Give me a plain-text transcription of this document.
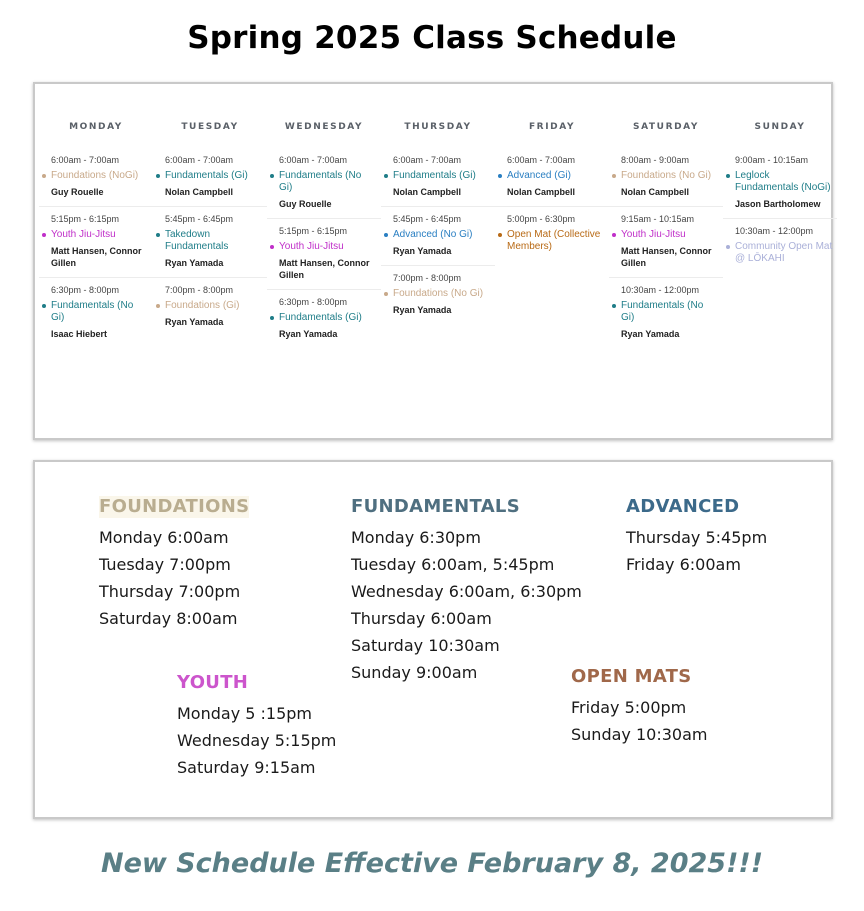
Spring 2025 Class Schedule
MONDAY
6:00am - 7:00am
Foundations (NoGi)
Guy Rouelle
5:15pm - 6:15pm
Youth Jiu-Jitsu
Matt Hansen, Connor Gillen
6:30pm - 8:00pm
Fundamentals (No Gi)
Isaac Hiebert
TUESDAY
6:00am - 7:00am
Fundamentals (Gi)
Nolan Campbell
5:45pm - 6:45pm
Takedown Fundamentals
Ryan Yamada
7:00pm - 8:00pm
Foundations (Gi)
Ryan Yamada
WEDNESDAY
6:00am - 7:00am
Fundamentals (No Gi)
Guy Rouelle
5:15pm - 6:15pm
Youth Jiu-Jitsu
Matt Hansen, Connor Gillen
6:30pm - 8:00pm
Fundamentals (Gi)
Ryan Yamada
THURSDAY
6:00am - 7:00am
Fundamentals (Gi)
Nolan Campbell
5:45pm - 6:45pm
Advanced (No Gi)
Ryan Yamada
7:00pm - 8:00pm
Foundations (No Gi)
Ryan Yamada
FRIDAY
6:00am - 7:00am
Advanced (Gi)
Nolan Campbell
5:00pm - 6:30pm
Open Mat (Collective Members)
SATURDAY
8:00am - 9:00am
Foundations (No Gi)
Nolan Campbell
9:15am - 10:15am
Youth Jiu-Jitsu
Matt Hansen, Connor Gillen
10:30am - 12:00pm
Fundamentals (No Gi)
Ryan Yamada
SUNDAY
9:00am - 10:15am
Leglock Fundamentals (NoGi)
Jason Bartholomew
10:30am - 12:00pm
Community Open Mat @ LŌKAHI
FOUNDATIONS
Monday 6:00am
Tuesday 7:00pm
Thursday 7:00pm
Saturday 8:00am
FUNDAMENTALS
Monday 6:30pm
Tuesday 6:00am, 5:45pm
Wednesday 6:00am, 6:30pm
Thursday 6:00am
Saturday 10:30am
Sunday 9:00am
ADVANCED
Thursday 5:45pm
Friday 6:00am
YOUTH
Monday 5 :15pm
Wednesday 5:15pm
Saturday 9:15am
OPEN MATS
Friday 5:00pm
Sunday 10:30am
New Schedule Effective February 8, 2025!!!
